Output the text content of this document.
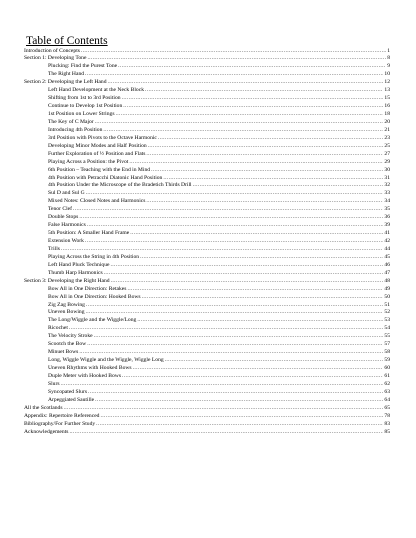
Table of Contents
Introduction of Concepts .....	1
Section 1: Developing Tone .....	8
Plucking: Find the Purest Tone .....	9
The Right Hand .....	10
Section 2: Developing the Left Hand .....	12
Left Hand Development at the Neck Block .....	13
Shifting from 1st to 3rd Position .....	15
Continue to Develop 1st Position .....	16
1st Position on Lower Strings .....	18
The Key of C Major .....	20
Introducing 4th Position .....	21
3rd Position with Pivots to the Octave Harmonic .....	23
Developing Minor Modes and Half Position .....	25
Further Exploration of ½ Position and Flats .....	27
Playing Across a Position: the Pivot .....	29
6th Position – Teaching with the End in Mind .....	30
4th Position with Petracchi Diatonic Hand Position .....	31
4th Position Under the Microscope of the Bradetich Thirds Drill .....	32
Sul D and Sul G .....	33
Mixed Notes: Closed Notes and Harmonics .....	34
Tenor Clef .....	35
Double Stops .....	36
False Harmonics .....	39
5th Position: A Smaller Hand Frame .....	41
Extension Work .....	42
Trills .....	44
Playing Across the String in 4th Position .....	45
Left Hand Pluck Technique .....	46
Thumb Harp Harmonics .....	47
Section 3: Developing the Right Hand .....	48
Bow All in One Direction: Retakes .....	49
Bow All in One Direction: Hooked Bows .....	50
Zig Zag Bowing .....	51
Uneven Bowing .....	52
The Long/Wiggle and the Wiggle/Long .....	53
Ricochet .....	54
The Velocity Stroke .....	55
Scootch the Bow .....	57
Minuet Bows .....	58
Long, Wiggle Wiggle and the Wiggle, Wiggle Long .....	59
Uneven Rhythms with Hooked Bows .....	60
Duple Meter with Hooked Bows .....	61
Slurs .....	62
Syncopated Slurs .....	63
Arpeggiated Sautille .....	64
All the Scotlands .....	65
Appendix: Repertoire Referenced .....	78
Bibliography/For Further Study .....	83
Acknowledgements .....	85
